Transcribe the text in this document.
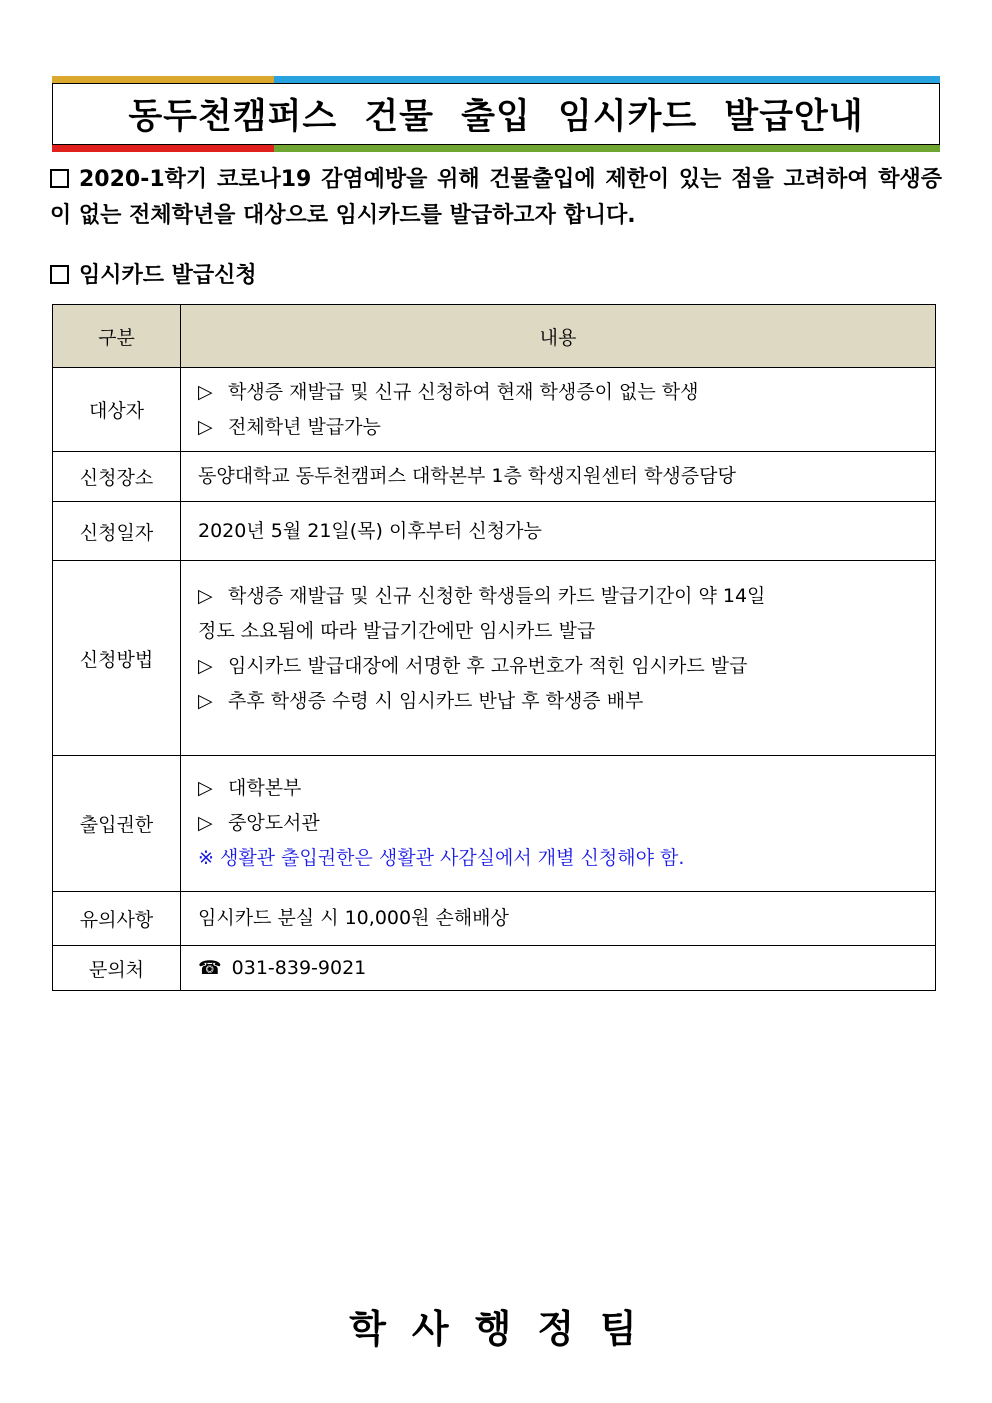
동두천캠퍼스 건물 출입 임시카드 발급안내
2020-1학기 코로나19 감염예방을 위해 건물출입에 제한이 있는 점을 고려하여 학생증이 없는 전체학년을 대상으로 임시카드를 발급하고자 합니다.
임시카드 발급신청
구분	내용
대상자	▷ 학생증 재발급 및 신규 신청하여 현재 학생증이 없는 학생
▷ 전체학년 발급가능

신청장소	동양대학교 동두천캠퍼스 대학본부 1층 학생지원센터 학생증담당
신청일자	2020년 5월 21일(목) 이후부터 신청가능
신청방법	▷ 학생증 재발급 및 신규 신청한 학생들의 카드 발급기간이 약 14일
정도 소요됨에 따라 발급기간에만 임시카드 발급
▷ 임시카드 발급대장에 서명한 후 고유번호가 적힌 임시카드 발급
▷ 추후 학생증 수령 시 임시카드 반납 후 학생증 배부

출입권한	▷ 대학본부
▷ 중앙도서관
※ 생활관 출입권한은 생활관 사감실에서 개별 신청해야 함.

유의사항	임시카드 분실 시 10,000원 손해배상
문의처	☎ 031-839-9021
학사행정팀
